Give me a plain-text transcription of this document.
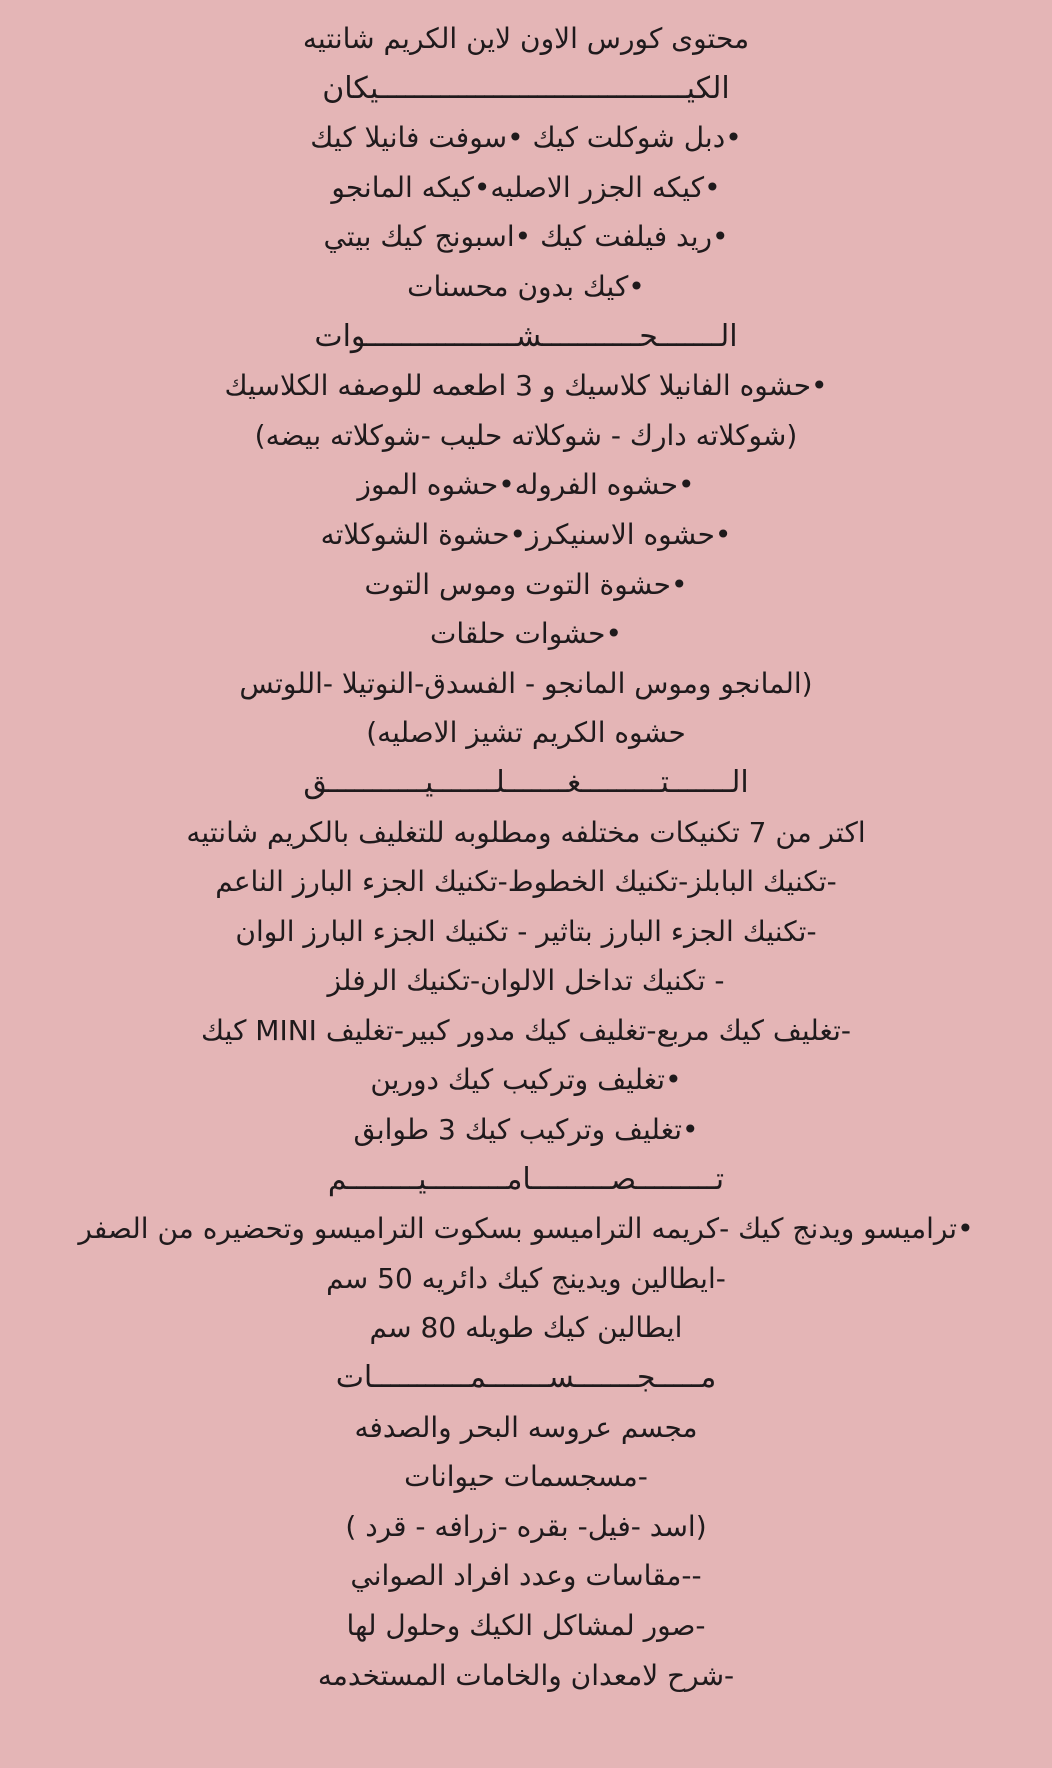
محتوى كورس الاون لاين الكريم شانتيه
الكيـــــــــــــــــــــــــــــــــــيكان
•دبل شوكلت كيك •سوفت فانيلا كيك
•كيكه الجزر الاصليه•كيكه المانجو
•ريد فيلفت كيك •اسبونج كيك بيتي
•كيك بدون محسنات
الـــــــحـــــــــــشـــــــــــــــــوات
•حشوه الفانيلا كلاسيك و 3 اطعمه للوصفه الكلاسيك
(شوكلاته دارك - شوكلاته حليب -شوكلاته بيضه)
•حشوه الفروله•حشوه الموز
•حشوه الاسنيكرز•حشوة الشوكلاته
•حشوة التوت وموس التوت
•حشوات حلقات
(المانجو وموس المانجو - الفسدق-النوتيلا -اللوتس
حشوه الكريم تشيز الاصليه)
الـــــــتـــــــــغـــــــلـــــــيـــــــــــق
اكتر من 7 تكنيكات مختلفه ومطلوبه للتغليف بالكريم شانتيه
-تكنيك البابلز-تكنيك الخطوط-تكنيك الجزء البارز الناعم
-تكنيك الجزء البارز بتاثير - تكنيك الجزء البارز الوان
- تكنيك تداخل الالوان-تكنيك الرفلز
-تغليف كيك مربع-تغليف كيك مدور كبير-تغليف MINI كيك
•تغليف وتركيب كيك دورين
•تغليف وتركيب كيك 3 طوابق
تـــــــــصـــــــــامـــــــــيــــــــم
•تراميسو ويدنج كيك -كريمه التراميسو بسكوت التراميسو وتحضيره من الصفر
-ايطالين ويدينج كيك دائريه 50 سم
ايطالين كيك طويله 80 سم
مـــــجـــــــســـــــمـــــــــــات
مجسم عروسه البحر والصدفه
-مسجسمات حيوانات
(اسد -فيل- بقره -زرافه - قرد )
--مقاسات وعدد افراد الصواني
-صور لمشاكل الكيك وحلول لها
-شرح لامعدان والخامات المستخدمه
